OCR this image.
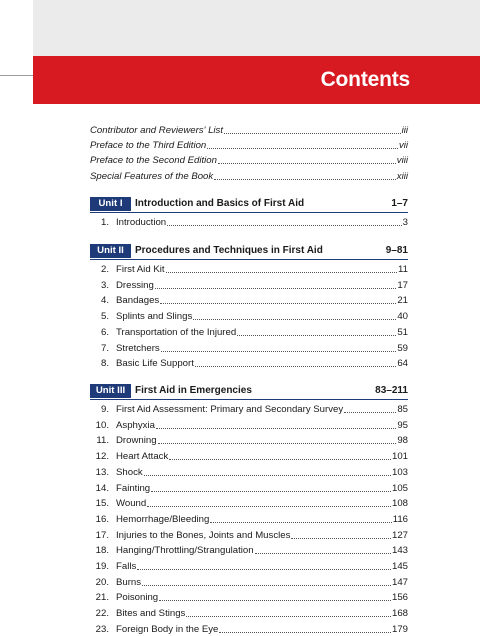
Contents
Contributor and Reviewers' List	iii
Preface to the Third Edition	vii
Preface to the Second Edition	viii
Special Features of the Book	xiii
Unit I	Introduction and Basics of First Aid	1–7
1. Introduction	3
Unit II	Procedures and Techniques in First Aid	9–81
2. First Aid Kit	11
3. Dressing	17
4. Bandages	21
5. Splints and Slings	40
6. Transportation of the Injured	51
7. Stretchers	59
8. Basic Life Support	64
Unit III First Aid in Emergencies	83–211
9. First Aid Assessment: Primary and Secondary Survey	85
10. Asphyxia	95
11. Drowning	98
12. Heart Attack	101
13. Shock	103
14. Fainting	105
15. Wound	108
16. Hemorrhage/Bleeding	116
17. Injuries to the Bones, Joints and Muscles	127
18. Hanging/Throttling/Strangulation	143
19. Falls	145
20. Burns	147
21. Poisoning	156
22. Bites and Stings	168
23. Foreign Body in the Eye	179
